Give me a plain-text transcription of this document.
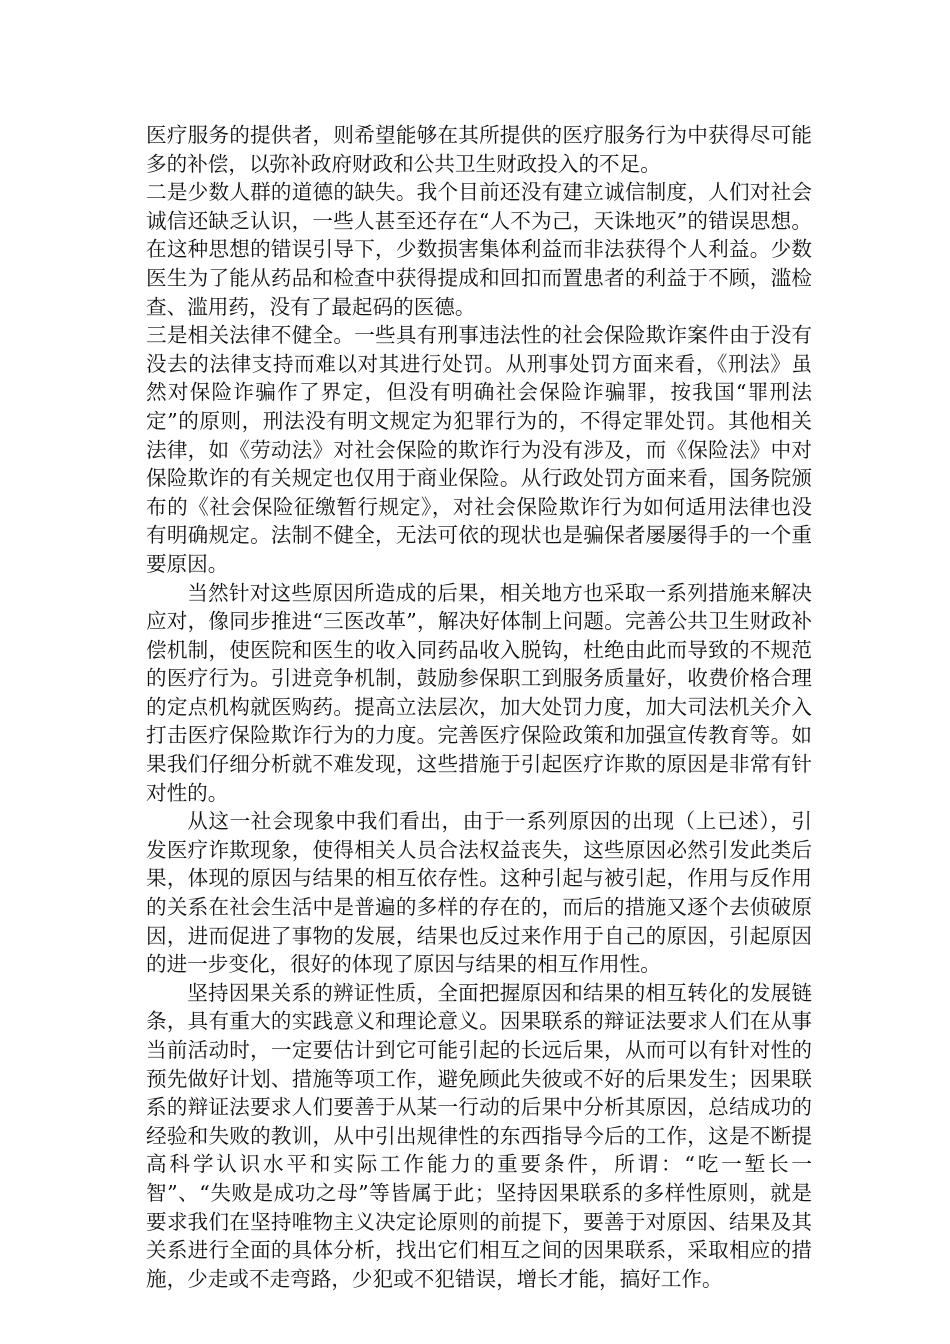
医疗服务的提供者，则希望能够在其所提供的医疗服务行为中获得尽可能多的补偿，以弥补政府财政和公共卫生财政投入的不足。

二是少数人群的道德的缺失。我个目前还没有建立诚信制度，人们对社会诚信还缺乏认识，一些人甚至还存在“人不为己，天诛地灭”的错误思想。在这种思想的错误引导下，少数损害集体利益而非法获得个人利益。少数医生为了能从药品和检查中获得提成和回扣而置患者的利益于不顾，滥检查、滥用药，没有了最起码的医德。

三是相关法律不健全。一些具有刑事违法性的社会保险欺诈案件由于没有没去的法律支持而难以对其进行处罚。从刑事处罚方面来看，《刑法》虽然对保险诈骗作了界定，但没有明确社会保险诈骗罪，按我国“罪刑法定”的原则，刑法没有明文规定为犯罪行为的，不得定罪处罚。其他相关法律，如《劳动法》对社会保险的欺诈行为没有涉及，而《保险法》中对保险欺诈的有关规定也仅用于商业保险。从行政处罚方面来看，国务院颁布的《社会保险征缴暂行规定》，对社会保险欺诈行为如何适用法律也没有明确规定。法制不健全，无法可依的现状也是骗保者屡屡得手的一个重要原因。

当然针对这些原因所造成的后果，相关地方也采取一系列措施来解决应对，像同步推进“三医改革”，解决好体制上问题。完善公共卫生财政补偿机制，使医院和医生的收入同药品收入脱钩，杜绝由此而导致的不规范的医疗行为。引进竞争机制，鼓励参保职工到服务质量好，收费价格合理的定点机构就医购药。提高立法层次，加大处罚力度，加大司法机关介入打击医疗保险欺诈行为的力度。完善医疗保险政策和加强宣传教育等。如果我们仔细分析就不难发现，这些措施于引起医疗诈欺的原因是非常有针对性的。

从这一社会现象中我们看出，由于一系列原因的出现（上已述），引发医疗诈欺现象，使得相关人员合法权益丧失，这些原因必然引发此类后果，体现的原因与结果的相互依存性。这种引起与被引起，作用与反作用的关系在社会生活中是普遍的多样的存在的，而后的措施又逐个去侦破原因，进而促进了事物的发展，结果也反过来作用于自己的原因，引起原因的进一步变化，很好的体现了原因与结果的相互作用性。

坚持因果关系的辨证性质，全面把握原因和结果的相互转化的发展链条，具有重大的实践意义和理论意义。因果联系的辩证法要求人们在从事当前活动时，一定要估计到它可能引起的长远后果，从而可以有针对性的预先做好计划、措施等项工作，避免顾此失彼或不好的后果发生；因果联系的辩证法要求人们要善于从某一行动的后果中分析其原因，总结成功的经验和失败的教训，从中引出规律性的东西指导今后的工作，这是不断提高科学认识水平和实际工作能力的重要条件，所谓：“吃一堑长一智”、“失败是成功之母”等皆属于此；坚持因果联系的多样性原则，就是要求我们在坚持唯物主义决定论原则的前提下，要善于对原因、结果及其关系进行全面的具体分析，找出它们相互之间的因果联系，采取相应的措施，少走或不走弯路，少犯或不犯错误，增长才能，搞好工作。
